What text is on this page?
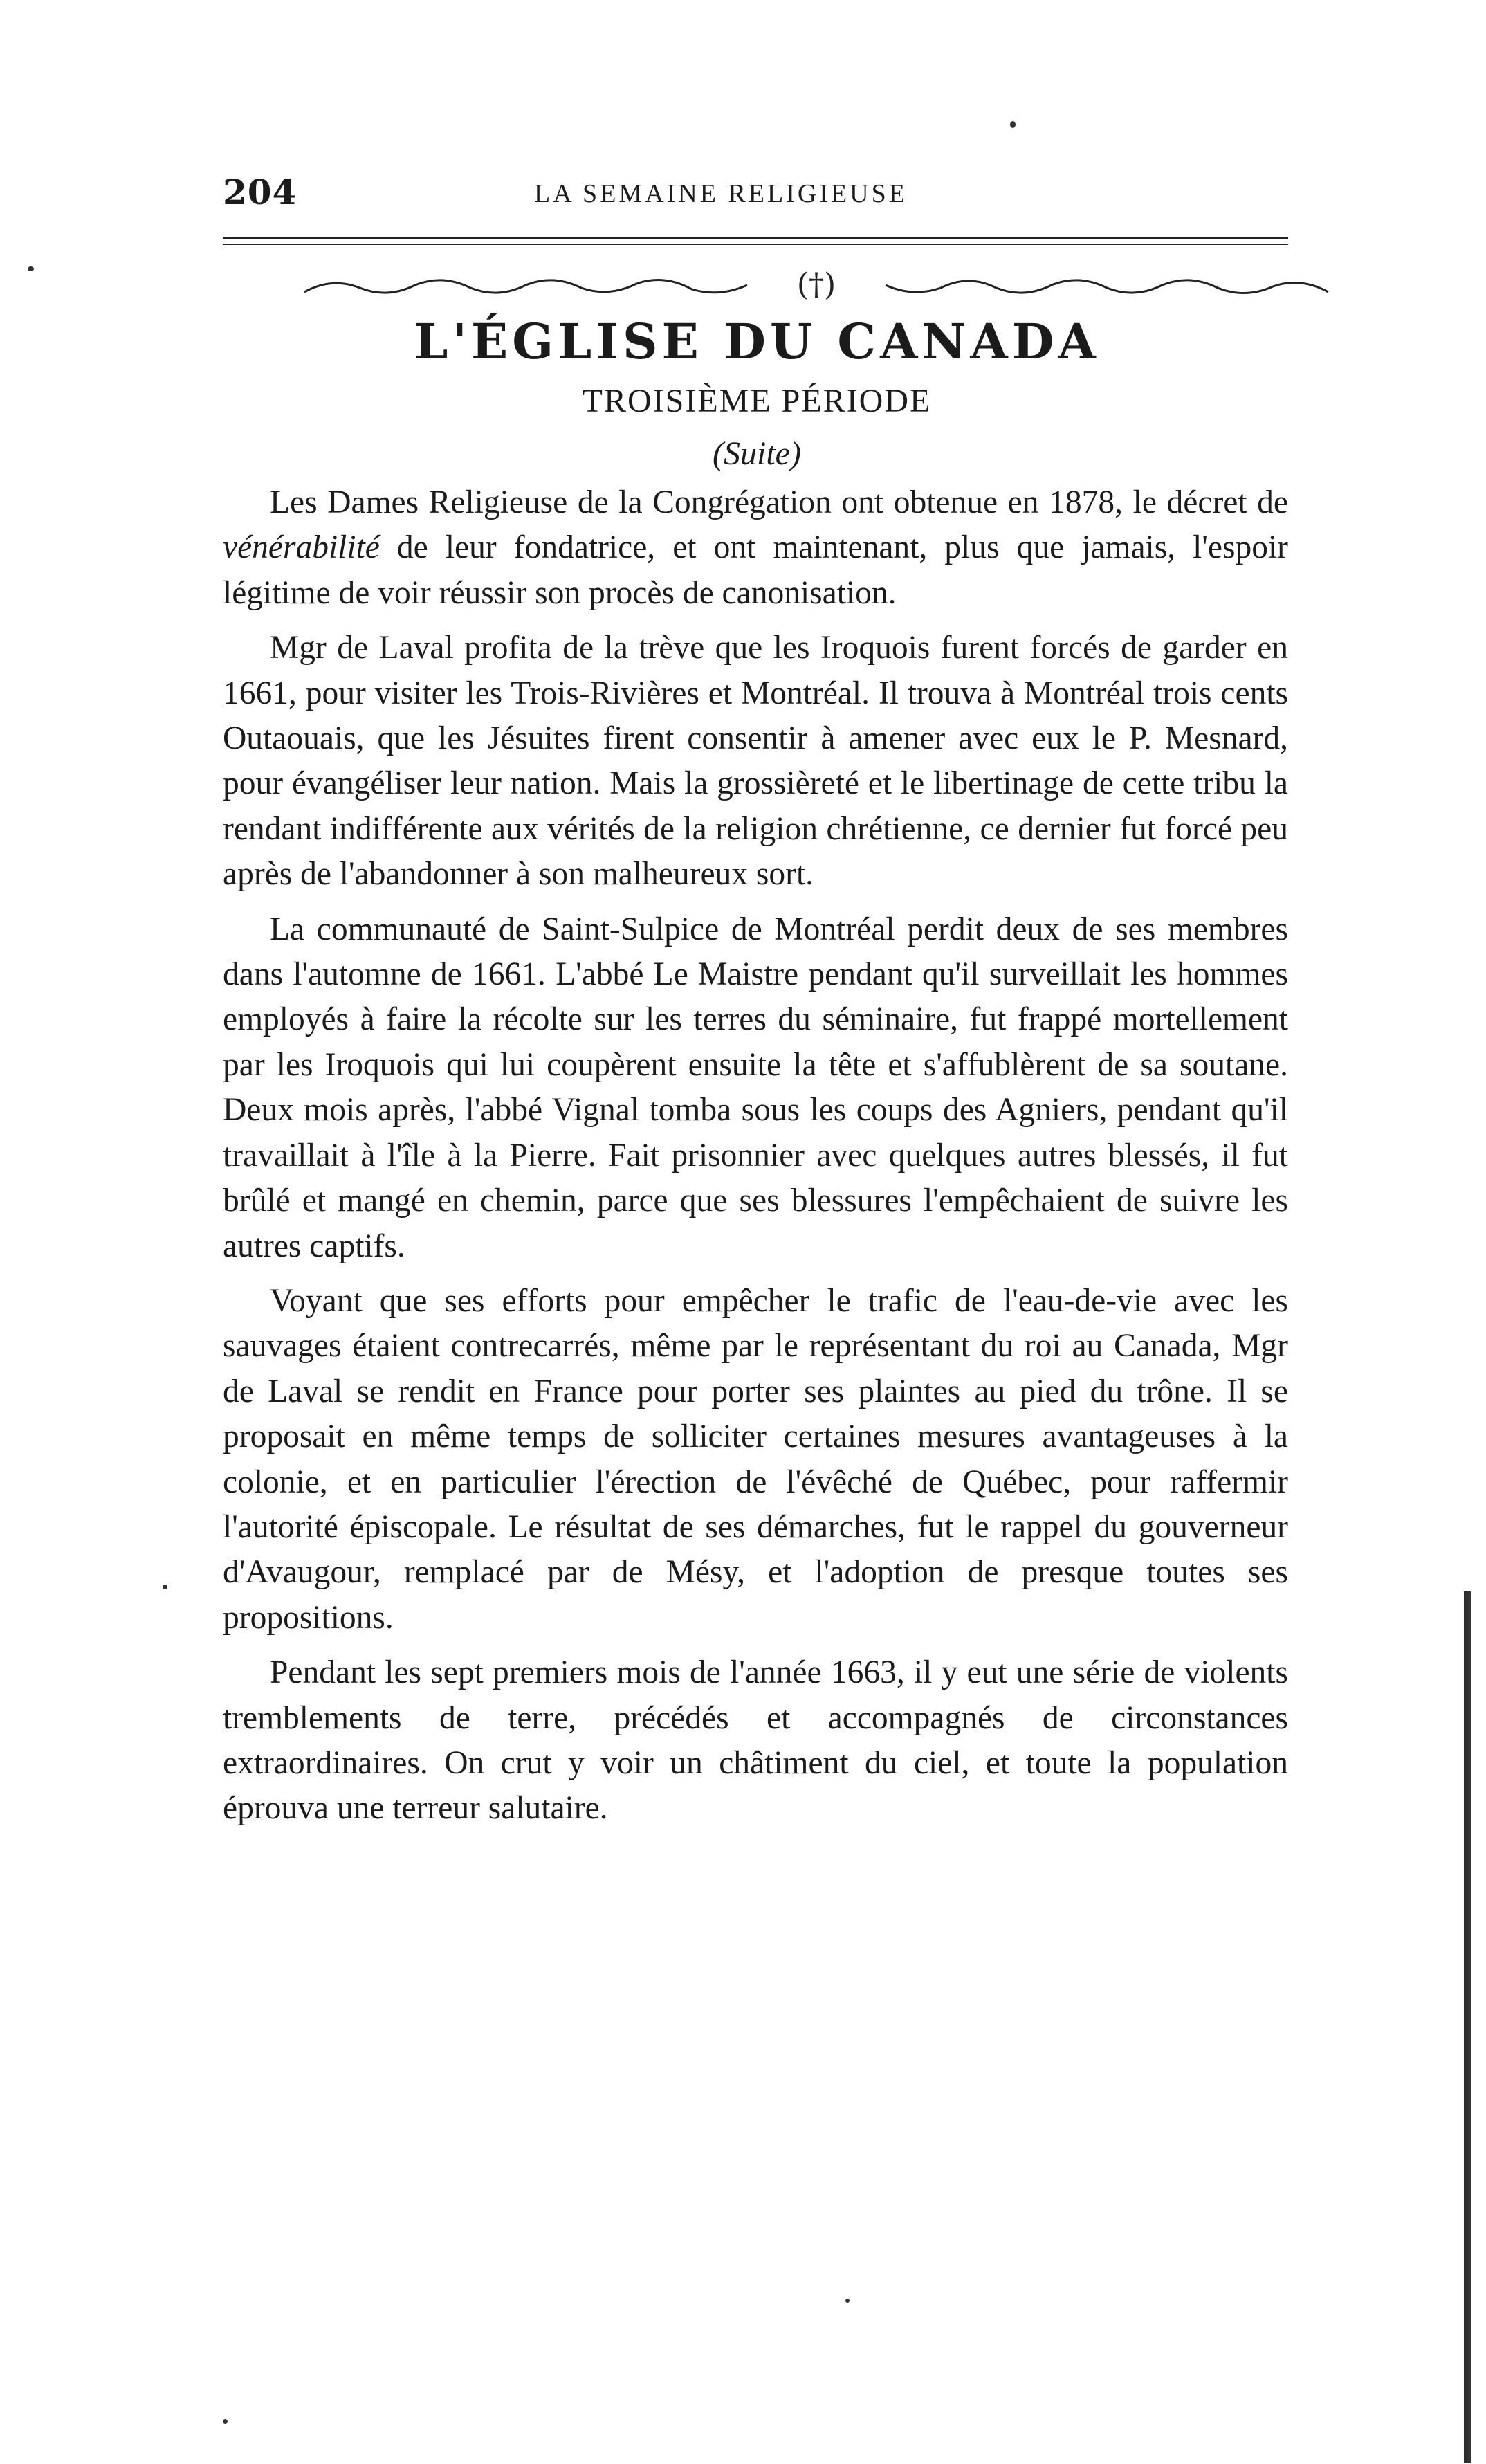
204	LA SEMAINE RELIGIEUSE
(†)
L'ÉGLISE DU CANADA
TROISIÈME PÉRIODE
(Suite)

Les Dames Religieuse de la Congrégation ont obtenue en 1878, le décret de vénérabilité de leur fondatrice, et ont maintenant, plus que jamais, l'espoir légitime de voir réussir son procès de canonisation.

Mgr de Laval profita de la trève que les Iroquois furent forcés de garder en 1661, pour visiter les Trois-Rivières et Montréal. Il trouva à Montréal trois cents Outaouais, que les Jésuites firent consentir à amener avec eux le P. Mesnard, pour évangéliser leur nation. Mais la grossièreté et le libertinage de cette tribu la rendant indifférente aux vérités de la religion chrétienne, ce dernier fut forcé peu après de l'abandonner à son malheureux sort.

La communauté de Saint-Sulpice de Montréal perdit deux de ses membres dans l'automne de 1661. L'abbé Le Maistre pendant qu'il surveillait les hommes employés à faire la récolte sur les terres du séminaire, fut frappé mortellement par les Iroquois qui lui coupèrent ensuite la tête et s'affublèrent de sa soutane. Deux mois après, l'abbé Vignal tomba sous les coups des Agniers, pendant qu'il travaillait à l'île à la Pierre. Fait prisonnier avec quelques autres blessés, il fut brûlé et mangé en chemin, parce que ses blessures l'empêchaient de suivre les autres captifs.

Voyant que ses efforts pour empêcher le trafic de l'eau-de-vie avec les sauvages étaient contrecarrés, même par le représentant du roi au Canada, Mgr de Laval se rendit en France pour porter ses plaintes au pied du trône. Il se proposait en même temps de solliciter certaines mesures avantageuses à la colonie, et en particulier l'érection de l'évêché de Québec, pour raffermir l'autorité épiscopale. Le résultat de ses démarches, fut le rappel du gouverneur d'Avaugour, remplacé par de Mésy, et l'adoption de presque toutes ses propositions.

Pendant les sept premiers mois de l'année 1663, il y eut une série de violents tremblements de terre, précédés et accompagnés de circonstances extraordinaires. On crut y voir un châtiment du ciel, et toute la population éprouva une terreur salutaire.
